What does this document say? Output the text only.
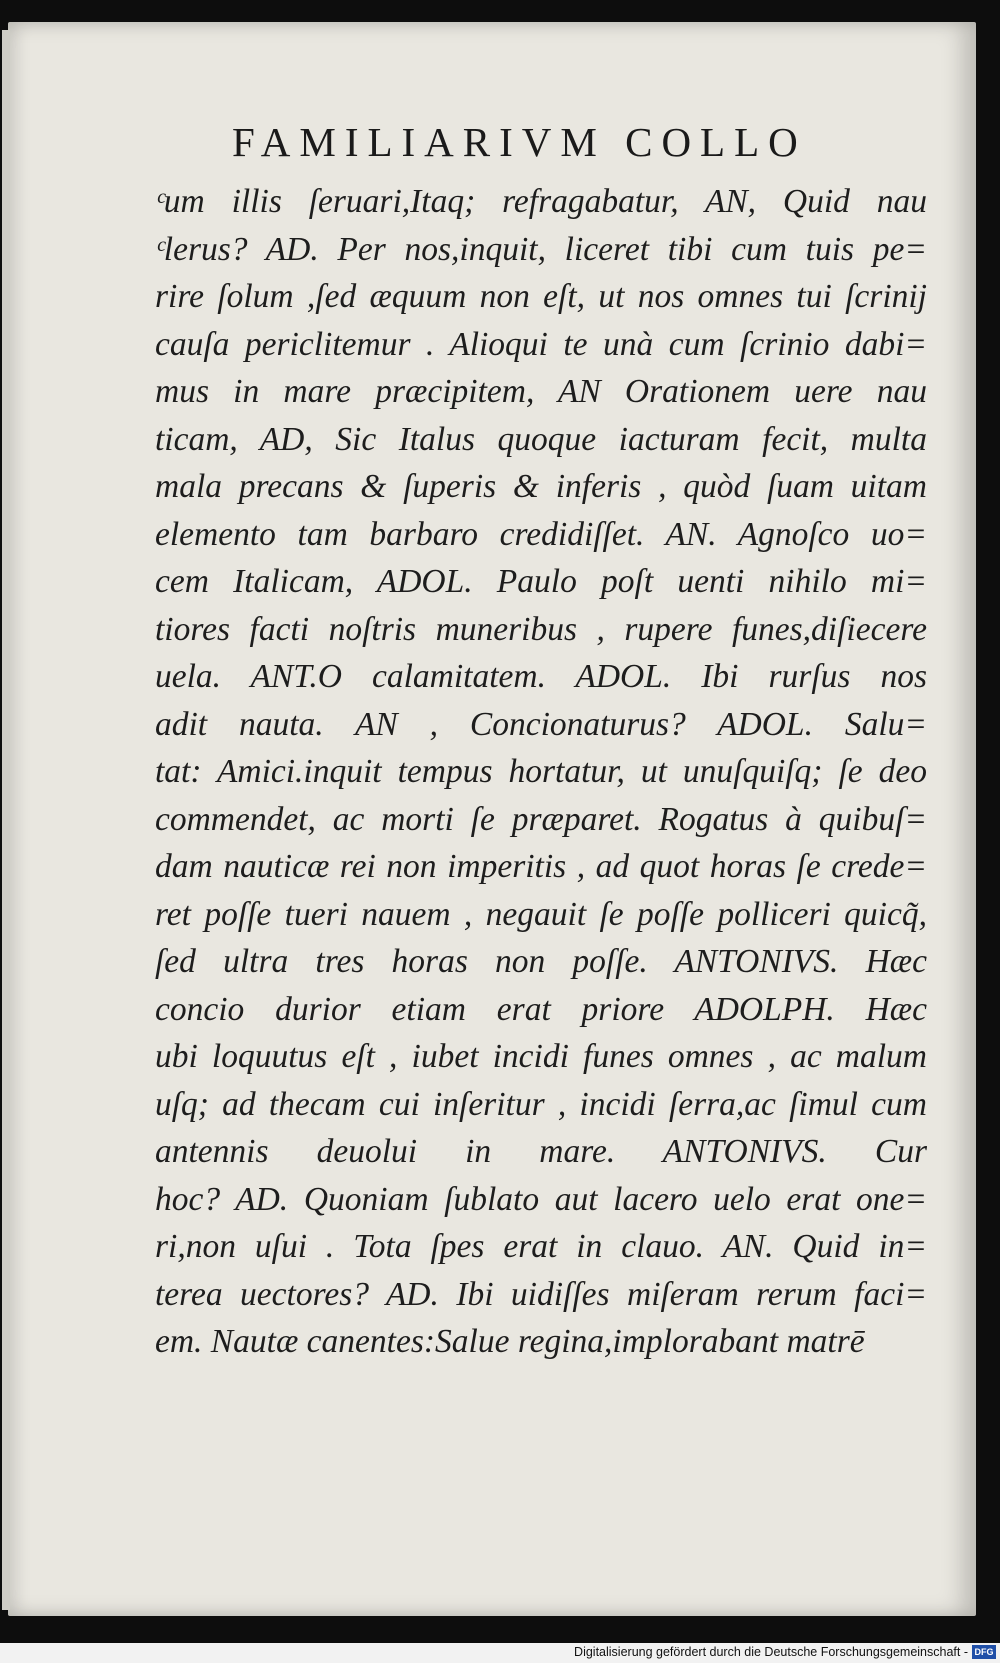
FAMILIARIVM COLLO
ᶜum illis ſeruari,Itaq; refragabatur, AN, Quid nau
ᶜlerus? AD. Per nos,inquit, liceret tibi cum tuis pe=
rire ſolum ,ſed æquum non eſt, ut nos omnes tui ſcrinij
cauſa periclitemur . Alioqui te unà cum ſcrinio dabi=
mus in mare præcipitem, AN Orationem uere nau
ticam, AD, Sic Italus quoque iacturam fecit, multa
mala precans & ſuperis & inferis , quòd ſuam uitam
elemento tam barbaro credidiſſet. AN. Agnoſco uo=
cem Italicam, ADOL. Paulo poſt uenti nihilo mi=
tiores facti noſtris muneribus , rupere funes,diſiecere
uela. ANT.O calamitatem. ADOL. Ibi rurſus nos
adit nauta. AN , Concionaturus? ADOL. Salu=
tat: Amici.inquit tempus hortatur, ut unuſquiſq; ſe deo
commendet, ac morti ſe præparet. Rogatus à quibuſ=
dam nauticæ rei non imperitis , ad quot horas ſe crede=
ret poſſe tueri nauem , negauit ſe poſſe polliceri quicq̃,
ſed ultra tres horas non poſſe. ANTONIVS. Hæc
concio durior etiam erat priore ADOLPH. Hæc
ubi loquutus eſt , iubet incidi funes omnes , ac malum
uſq; ad thecam cui inſeritur , incidi ſerra,ac ſimul cum
antennis deuolui in mare. ANTONIVS. Cur
hoc? AD. Quoniam ſublato aut lacero uelo erat one=
ri,non uſui . Tota ſpes erat in clauo. AN. Quid in=
terea uectores? AD. Ibi uidiſſes miſeram rerum faci=
em. Nautæ canentes:Salue regina,implorabant matrē
Digitalisierung gefördert durch die Deutsche Forschungsgemeinschaft - DFG
